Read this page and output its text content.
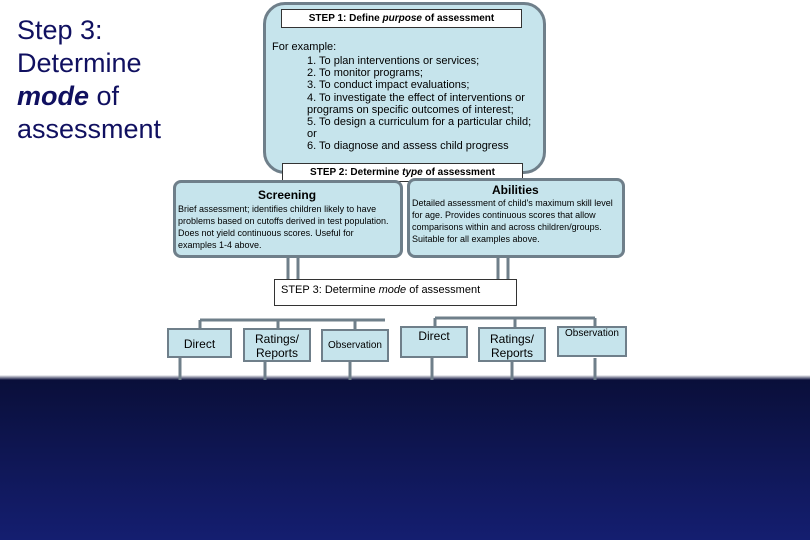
Step 3:
Determine
mode of
assessment
For example:
1. To plan interventions or services;
2. To monitor programs;
3. To conduct impact evaluations;
4. To investigate the effect of interventions or programs on specific outcomes of interest;
5. To design a curriculum for a particular child; or
6. To diagnose and assess child progress
STEP 1: Define purpose of assessment
STEP 2: Determine type of assessment
Screening
Brief assessment; identifies children likely to have problems based on cutoffs derived in test population. Does not yield continuous scores. Useful for examples 1-4 above.
Abilities
Detailed assessment of child's maximum skill level for age. Provides continuous scores that allow comparisons within and across children/groups. Suitable for all examples above.
STEP 3: Determine mode of assessment
Direct	Ratings/ Reports
Observation
Direct	Ratings/ Reports
Observation
